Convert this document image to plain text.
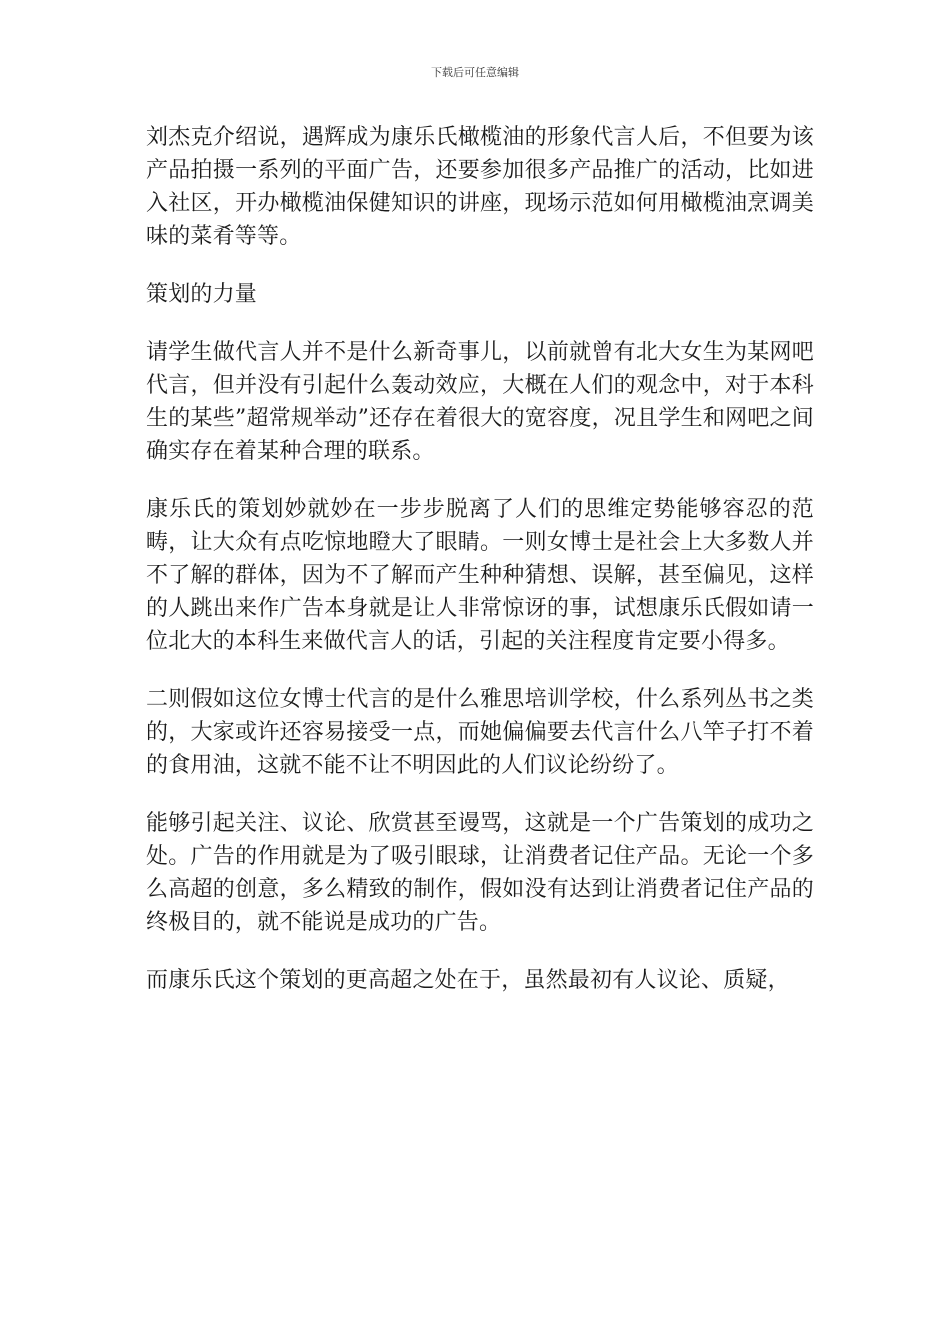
下载后可任意编辑

刘杰克介绍说，遇辉成为康乐氏橄榄油的形象代言人后，不但要为该产品拍摄一系列的平面广告，还要参加很多产品推广的活动，比如进入社区，开办橄榄油保健知识的讲座，现场示范如何用橄榄油烹调美味的菜肴等等。

策划的力量

请学生做代言人并不是什么新奇事儿，以前就曾有北大女生为某网吧代言，但并没有引起什么轰动效应，大概在人们的观念中，对于本科生的某些”超常规举动”还存在着很大的宽容度，况且学生和网吧之间确实存在着某种合理的联系。

康乐氏的策划妙就妙在一步步脱离了人们的思维定势能够容忍的范畴，让大众有点吃惊地瞪大了眼睛。一则女博士是社会上大多数人并不了解的群体，因为不了解而产生种种猜想、误解，甚至偏见，这样的人跳出来作广告本身就是让人非常惊讶的事，试想康乐氏假如请一位北大的本科生来做代言人的话，引起的关注程度肯定要小得多。

二则假如这位女博士代言的是什么雅思培训学校，什么系列丛书之类的，大家或许还容易接受一点，而她偏偏要去代言什么八竿子打不着的食用油，这就不能不让不明因此的人们议论纷纷了。

能够引起关注、议论、欣赏甚至谩骂，这就是一个广告策划的成功之处。广告的作用就是为了吸引眼球，让消费者记住产品。无论一个多么高超的创意，多么精致的制作，假如没有达到让消费者记住产品的终极目的，就不能说是成功的广告。

而康乐氏这个策划的更高超之处在于，虽然最初有人议论、质疑，
